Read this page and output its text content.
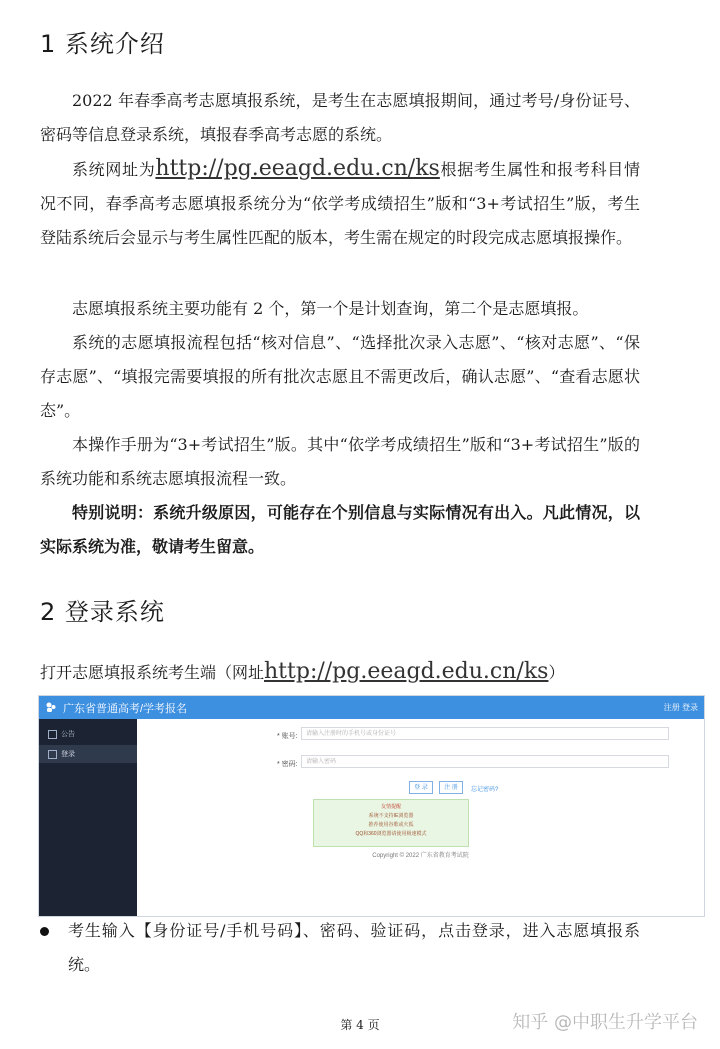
1 系统介绍
2022 年春季高考志愿填报系统，是考生在志愿填报期间，通过考号/身份证号、密码等信息登录系统，填报春季高考志愿的系统。
系统网址为http://pg.eeagd.edu.cn/ks根据考生属性和报考科目情况不同，春季高考志愿填报系统分为“依学考成绩招生”版和“3+考试招生”版，考生登陆系统后会显示与考生属性匹配的版本，考生需在规定的时段完成志愿填报操作。
志愿填报系统主要功能有 2 个，第一个是计划查询，第二个是志愿填报。
系统的志愿填报流程包括“核对信息”、“选择批次录入志愿”、“核对志愿”、“保存志愿”、“填报完需要填报的所有批次志愿且不需更改后，确认志愿”、“查看志愿状态”。
本操作手册为“3+考试招生”版。其中“依学考成绩招生”版和“3+考试招生”版的系统功能和系统志愿填报流程一致。
特别说明：系统升级原因，可能存在个别信息与实际情况有出入。凡此情况，以实际系统为准，敬请考生留意。
2 登录系统
打开志愿填报系统考生端（网址http://pg.eeagd.edu.cn/ks）
广东省普通高考/学考报名	注册 登录
公告
登录
* 账号:	请输入注册时的手机号或身份证号
* 密码:	请输入密码
登 录	注 册	忘记密码?
友情提醒
系统不支持IE浏览器
推荐使用谷歌或火狐
QQ和360浏览器请使用极速模式
Copyright © 2022 广东省教育考试院
考生输入【身份证号/手机号码】、密码、验证码，点击登录，进入志愿填报系统。
第 4 页	知乎 @中职生升学平台
